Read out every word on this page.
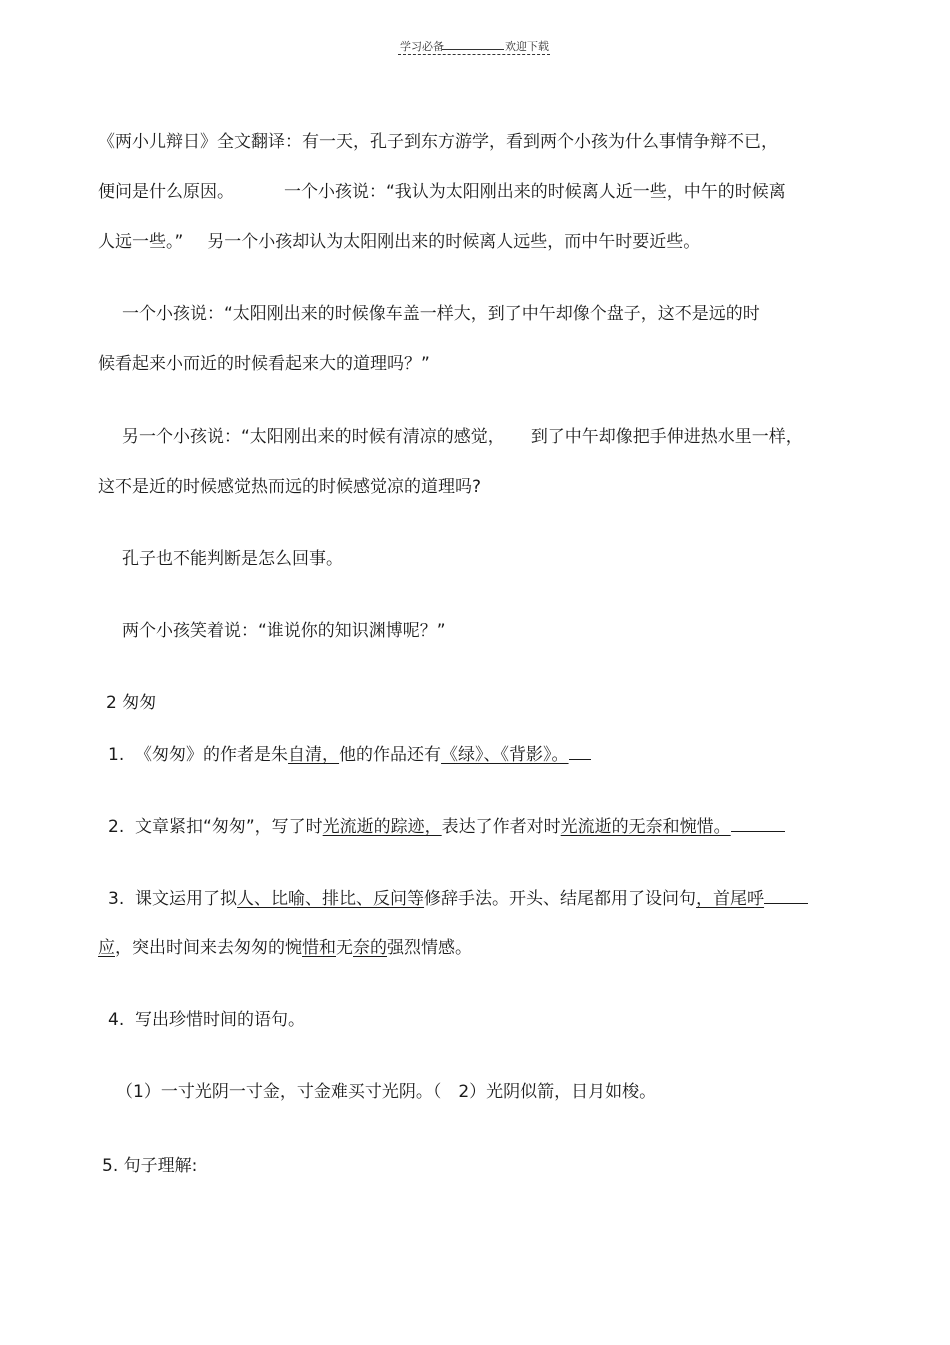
学习必备	欢迎下载
《两小儿辩日》全文翻译：有一天，孔子到东方游学，看到两个小孩为什么事情争辩不已，
便问是什么原因。	一个小孩说：“我认为太阳刚出来的时候离人近一些，中午的时候离
人远一些。” 另一个小孩却认为太阳刚出来的时候离人远些，而中午时要近些。
一个小孩说：“太阳刚出来的时候像车盖一样大，到了中午却像个盘子，这不是远的时
候看起来小而近的时候看起来大的道理吗？”
另一个小孩说：“太阳刚出来的时候有清凉的感觉， 到了中午却像把手伸进热水里一样，
这不是近的时候感觉热而远的时候感觉凉的道理吗?
孔子也不能判断是怎么回事。
两个小孩笑着说：“谁说你的知识渊博呢？”
2 匆匆
1. 《匆匆》的作者是朱自清，他的作品还有《绿》、《背影》。
2. 文章紧扣“匆匆”，写了时光流逝的踪迹，表达了作者对时光流逝的无奈和惋惜。
3. 课文运用了拟人、比喻、排比、反问等修辞手法。开头、结尾都用了设问句，首尾呼
应，突出时间来去匆匆的惋惜和无奈的强烈情感。
4. 写出珍惜时间的语句。
（1）一寸光阴一寸金，寸金难买寸光阴。（　2）光阴似箭，日月如梭。
5. 句子理解:
